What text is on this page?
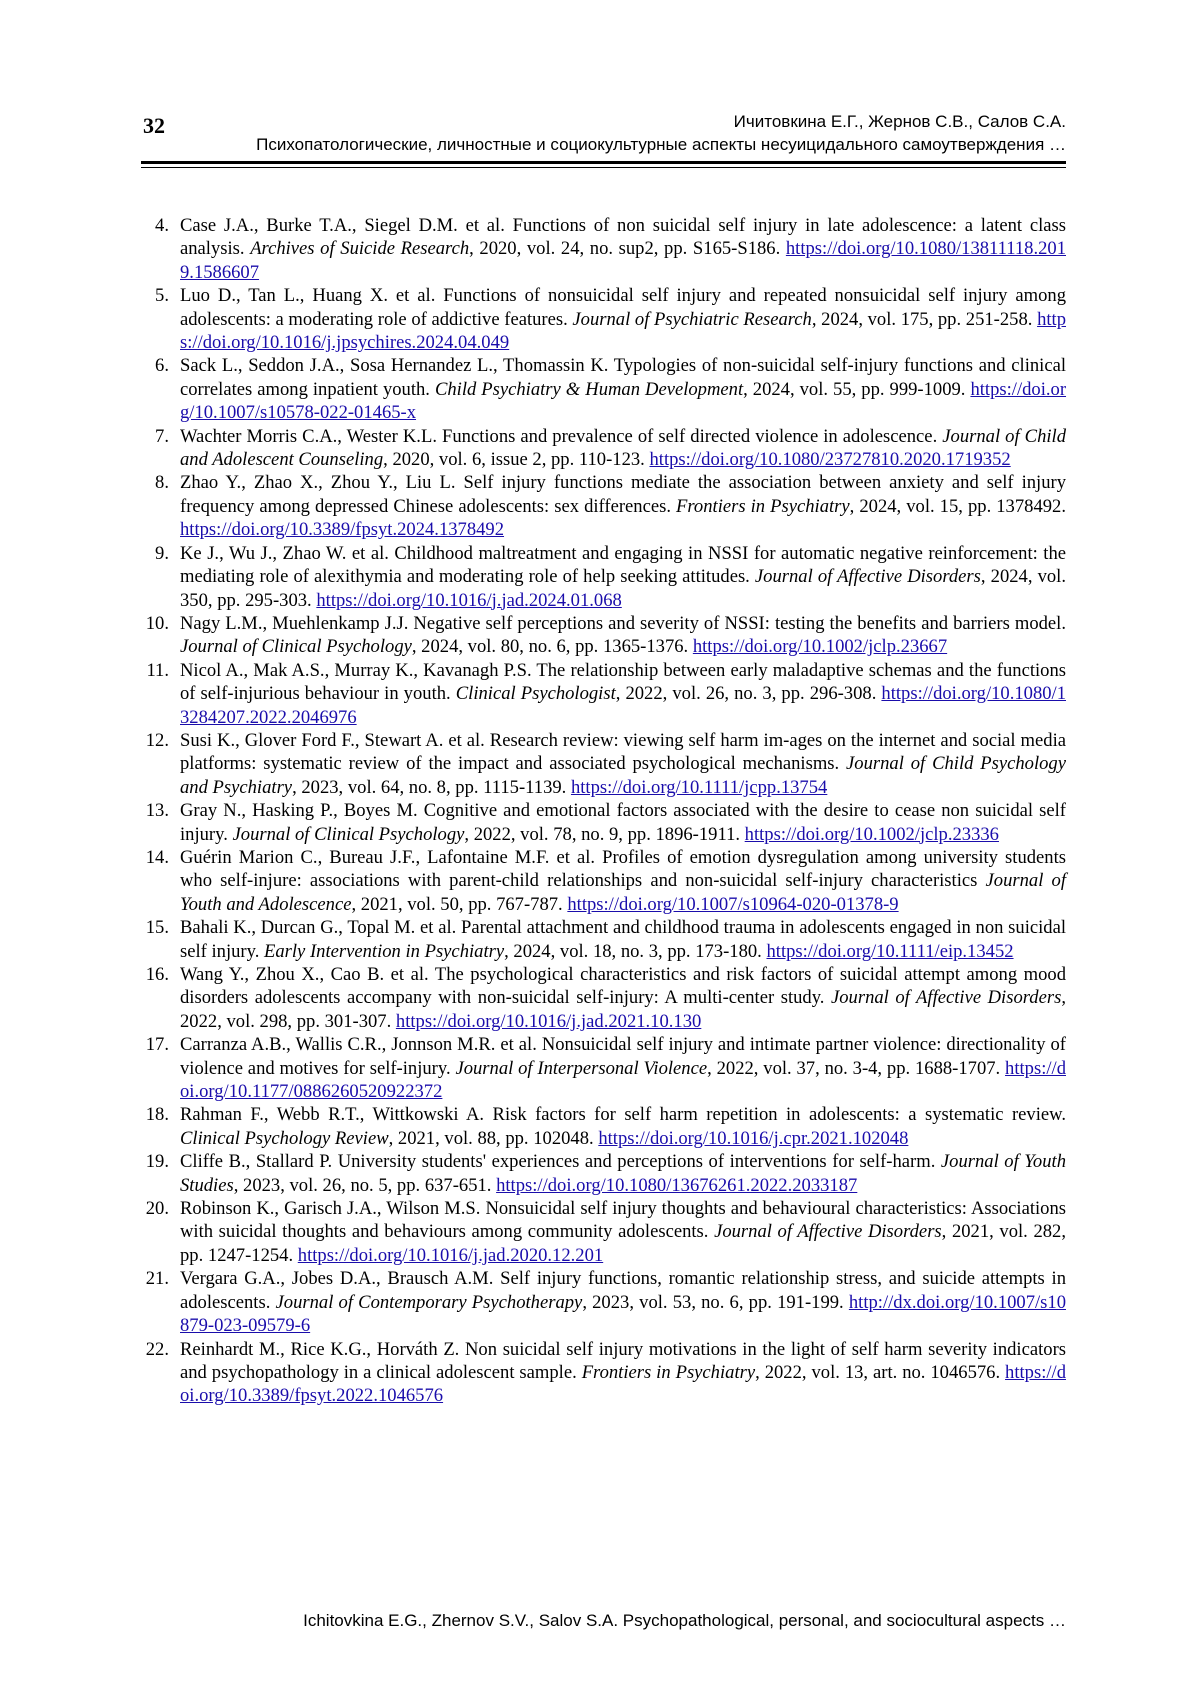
32	Ичитовкина Е.Г., Жернов С.В., Салов С.А.
Психопатологические, личностные и социокультурные аспекты несуицидального самоутверждения …
4. Case J.A., Burke T.A., Siegel D.M. et al. Functions of non suicidal self injury in late adolescence: a latent class analysis. Archives of Suicide Research, 2020, vol. 24, no. sup2, pp. S165-S186. https://doi.org/10.1080/13811118.2019.1586607
5. Luo D., Tan L., Huang X. et al. Functions of nonsuicidal self injury and repeated nonsuicidal self injury among adolescents: a moderating role of addictive features. Journal of Psychiatric Research, 2024, vol. 175, pp. 251-258. https://doi.org/10.1016/j.jpsychires.2024.04.049
6. Sack L., Seddon J.A., Sosa Hernandez L., Thomassin K. Typologies of non-suicidal self-injury functions and clinical correlates among inpatient youth. Child Psychiatry & Human Development, 2024, vol. 55, pp. 999-1009. https://doi.org/10.1007/s10578-022-01465-x
7. Wachter Morris C.A., Wester K.L. Functions and prevalence of self directed violence in adolescence. Journal of Child and Adolescent Counseling, 2020, vol. 6, issue 2, pp. 110-123. https://doi.org/10.1080/23727810.2020.1719352
8. Zhao Y., Zhao X., Zhou Y., Liu L. Self injury functions mediate the association between anxiety and self injury frequency among depressed Chinese adolescents: sex differences. Frontiers in Psychiatry, 2024, vol. 15, pp. 1378492. https://doi.org/10.3389/fpsyt.2024.1378492
9. Ke J., Wu J., Zhao W. et al. Childhood maltreatment and engaging in NSSI for automatic negative reinforcement: the mediating role of alexithymia and moderating role of help seeking attitudes. Journal of Affective Disorders, 2024, vol. 350, pp. 295-303. https://doi.org/10.1016/j.jad.2024.01.068
10. Nagy L.M., Muehlenkamp J.J. Negative self perceptions and severity of NSSI: testing the benefits and barriers model. Journal of Clinical Psychology, 2024, vol. 80, no. 6, pp. 1365-1376. https://doi.org/10.1002/jclp.23667
11. Nicol A., Mak A.S., Murray K., Kavanagh P.S. The relationship between early maladaptive schemas and the functions of self-injurious behaviour in youth. Clinical Psychologist, 2022, vol. 26, no. 3, pp. 296-308. https://doi.org/10.1080/13284207.2022.2046976
12. Susi K., Glover Ford F., Stewart A. et al. Research review: viewing self harm im-ages on the internet and social media platforms: systematic review of the impact and associated psychological mechanisms. Journal of Child Psychology and Psychiatry, 2023, vol. 64, no. 8, pp. 1115-1139. https://doi.org/10.1111/jcpp.13754
13. Gray N., Hasking P., Boyes M. Cognitive and emotional factors associated with the desire to cease non suicidal self injury. Journal of Clinical Psychology, 2022, vol. 78, no. 9, pp. 1896-1911. https://doi.org/10.1002/jclp.23336
14. Guérin Marion C., Bureau J.F., Lafontaine M.F. et al. Profiles of emotion dysregulation among university students who self-injure: associations with parent-child relationships and non-suicidal self-injury characteristics Journal of Youth and Adolescence, 2021, vol. 50, pp. 767-787. https://doi.org/10.1007/s10964-020-01378-9
15. Bahali K., Durcan G., Topal M. et al. Parental attachment and childhood trauma in adolescents engaged in non suicidal self injury. Early Intervention in Psychiatry, 2024, vol. 18, no. 3, pp. 173-180. https://doi.org/10.1111/eip.13452
16. Wang Y., Zhou X., Cao B. et al. The psychological characteristics and risk factors of suicidal attempt among mood disorders adolescents accompany with non-suicidal self-injury: A multi-center study. Journal of Affective Disorders, 2022, vol. 298, pp. 301-307. https://doi.org/10.1016/j.jad.2021.10.130
17. Carranza A.B., Wallis C.R., Jonnson M.R. et al. Nonsuicidal self injury and intimate partner violence: directionality of violence and motives for self-injury. Journal of Interpersonal Violence, 2022, vol. 37, no. 3-4, pp. 1688-1707. https://doi.org/10.1177/0886260520922372
18. Rahman F., Webb R.T., Wittkowski A. Risk factors for self harm repetition in adolescents: a systematic review. Clinical Psychology Review, 2021, vol. 88, pp. 102048. https://doi.org/10.1016/j.cpr.2021.102048
19. Cliffe B., Stallard P. University students' experiences and perceptions of interventions for self-harm. Journal of Youth Studies, 2023, vol. 26, no. 5, pp. 637-651. https://doi.org/10.1080/13676261.2022.2033187
20. Robinson K., Garisch J.A., Wilson M.S. Nonsuicidal self injury thoughts and behavioural characteristics: Associations with suicidal thoughts and behaviours among community adolescents. Journal of Affective Disorders, 2021, vol. 282, pp. 1247-1254. https://doi.org/10.1016/j.jad.2020.12.201
21. Vergara G.A., Jobes D.A., Brausch A.M. Self injury functions, romantic relationship stress, and suicide attempts in adolescents. Journal of Contemporary Psychotherapy, 2023, vol. 53, no. 6, pp. 191-199. http://dx.doi.org/10.1007/s10879-023-09579-6
22. Reinhardt M., Rice K.G., Horváth Z. Non suicidal self injury motivations in the light of self harm severity indicators and psychopathology in a clinical adolescent sample. Frontiers in Psychiatry, 2022, vol. 13, art. no. 1046576. https://doi.org/10.3389/fpsyt.2022.1046576
Ichitovkina E.G., Zhernov S.V., Salov S.A. Psychopathological, personal, and sociocultural aspects …
